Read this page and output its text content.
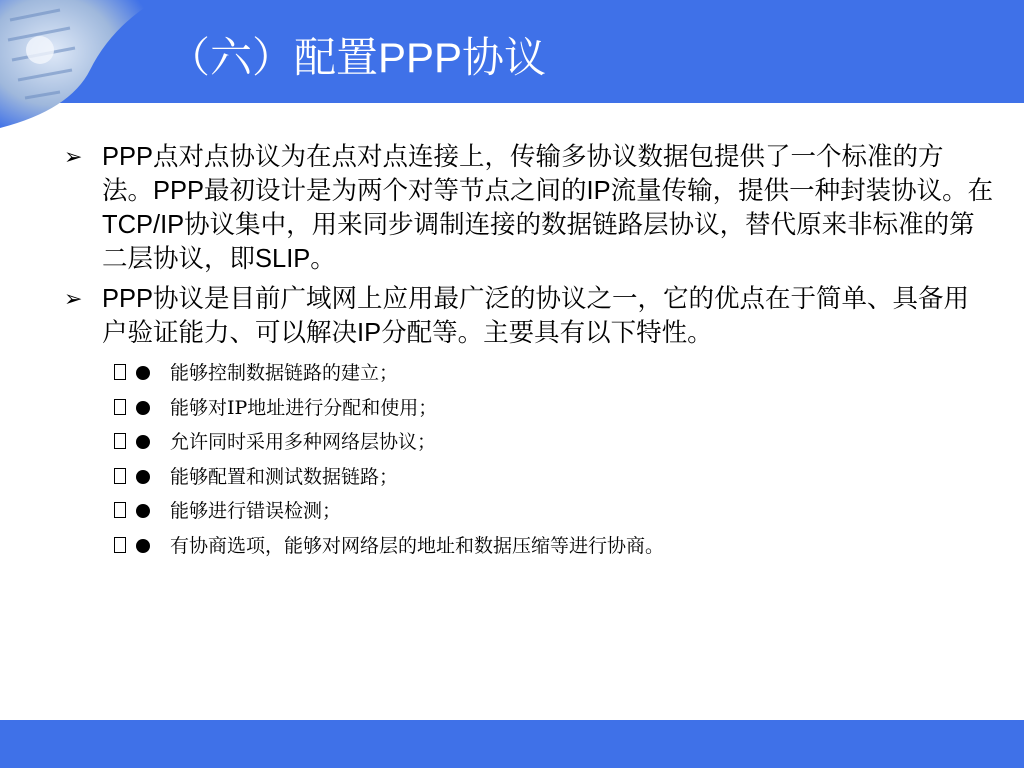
（六）配置PPP协议
➢ PPP点对点协议为在点对点连接上，传输多协议数据包提供了一个标准的方法。PPP最初设计是为两个对等节点之间的IP流量传输，提供一种封装协议。在 TCP/IP协议集中，用来同步调制连接的数据链路层协议，替代原来非标准的第二层协议，即SLIP。
➢ PPP协议是目前广域网上应用最广泛的协议之一，它的优点在于简单、具备用户验证能力、可以解决IP分配等。主要具有以下特性。
能够控制数据链路的建立；
能够对IP地址进行分配和使用；
允许同时采用多种网络层协议；
能够配置和测试数据链路；
能够进行错误检测；
有协商选项，能够对网络层的地址和数据压缩等进行协商。
